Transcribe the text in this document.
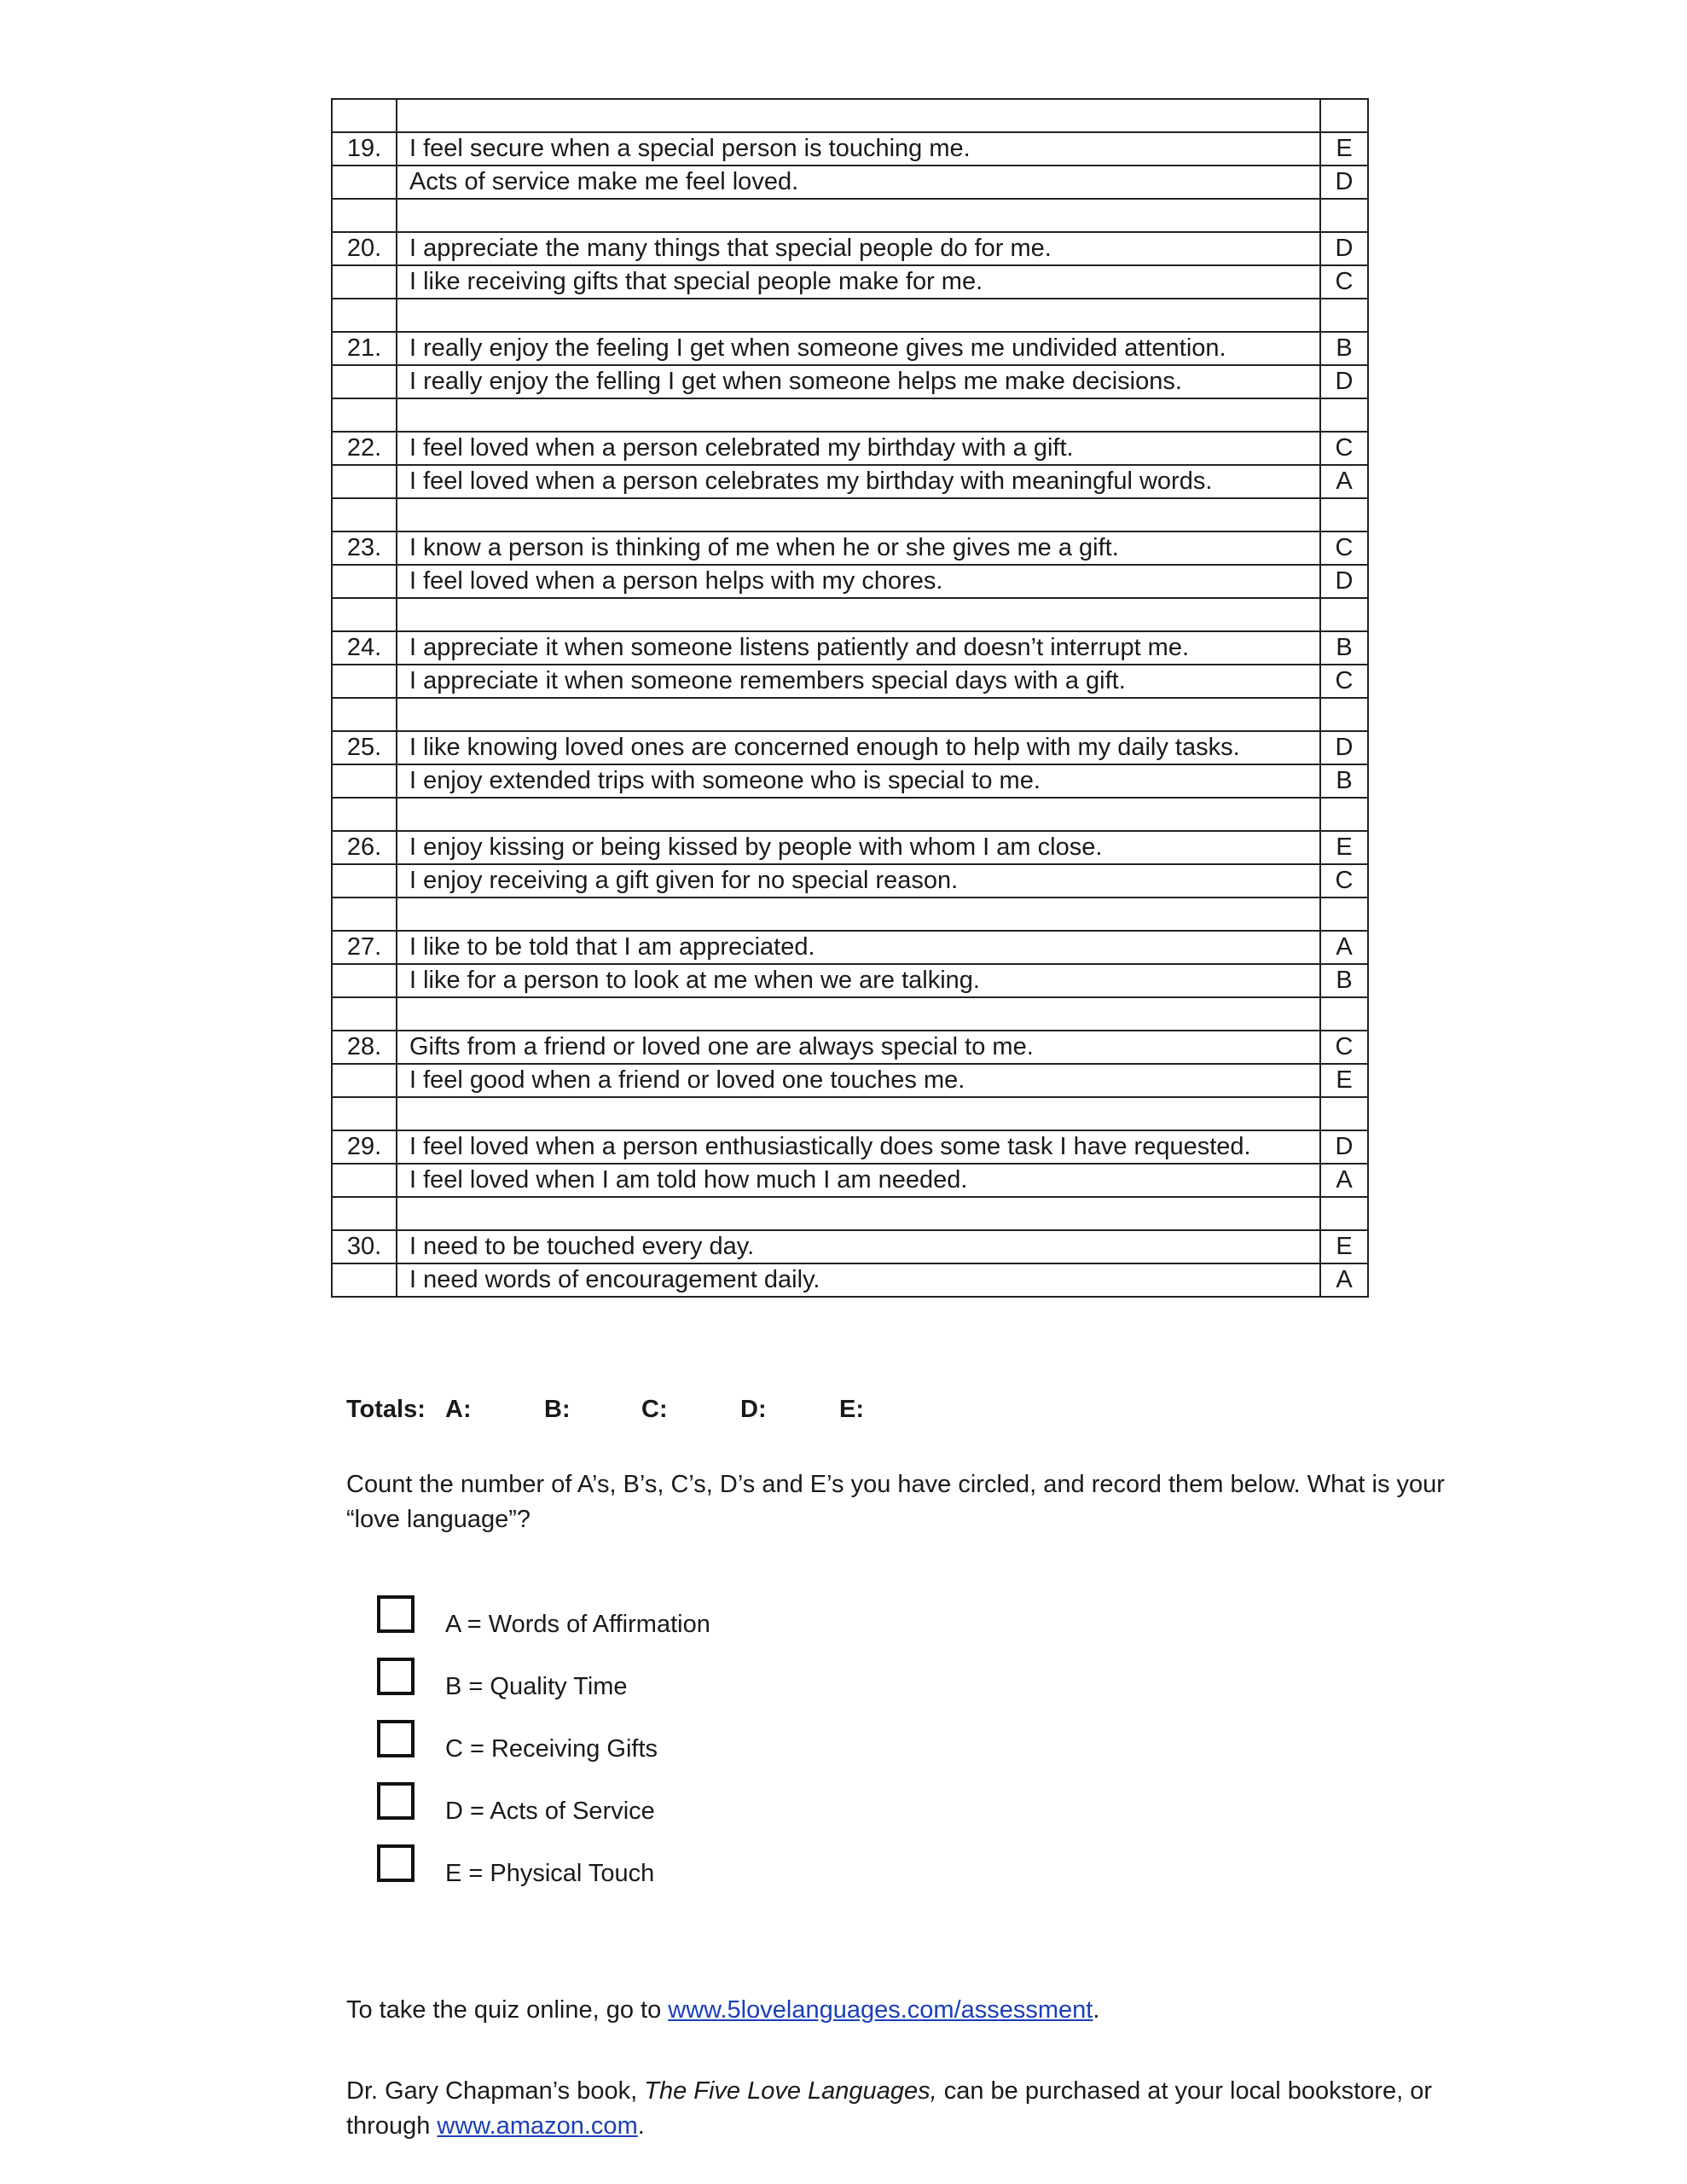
19.	I feel secure when a special person is touching me.	E
	Acts of service make me feel loved.	D

20.	I appreciate the many things that special people do for me.	D
	I like receiving gifts that special people make for me.	C

21.	I really enjoy the feeling I get when someone gives me undivided attention.	B
	I really enjoy the felling I get when someone helps me make decisions.	D

22.	I feel loved when a person celebrated my birthday with a gift.	C
	I feel loved when a person celebrates my birthday with meaningful words.	A

23.	I know a person is thinking of me when he or she gives me a gift.	C
	I feel loved when a person helps with my chores.	D

24.	I appreciate it when someone listens patiently and doesn’t interrupt me.	B
	I appreciate it when someone remembers special days with a gift.	C

25.	I like knowing loved ones are concerned enough to help with my daily tasks.	D
	I enjoy extended trips with someone who is special to me.	B

26.	I enjoy kissing or being kissed by people with whom I am close.	E
	I enjoy receiving a gift given for no special reason.	C

27.	I like to be told that I am appreciated.	A
	I like for a person to look at me when we are talking.	B

28.	Gifts from a friend or loved one are always special to me.	C
	I feel good when a friend or loved one touches me.	E

29.	I feel loved when a person enthusiastically does some task I have requested.	D
	I feel loved when I am told how much I am needed.	A

30.	I need to be touched every day.	E
	I need words of encouragement daily.	A
Totals: A:	B:	C:	D:	E:
Count the number of A’s, B’s, C’s, D’s and E’s you have circled, and record them below. What is your “love language”?
A = Words of Affirmation
B = Quality Time
C = Receiving Gifts
D = Acts of Service
E = Physical Touch
To take the quiz online, go to www.5lovelanguages.com/assessment.
Dr. Gary Chapman’s book, The Five Love Languages, can be purchased at your local bookstore, or through www.amazon.com.
